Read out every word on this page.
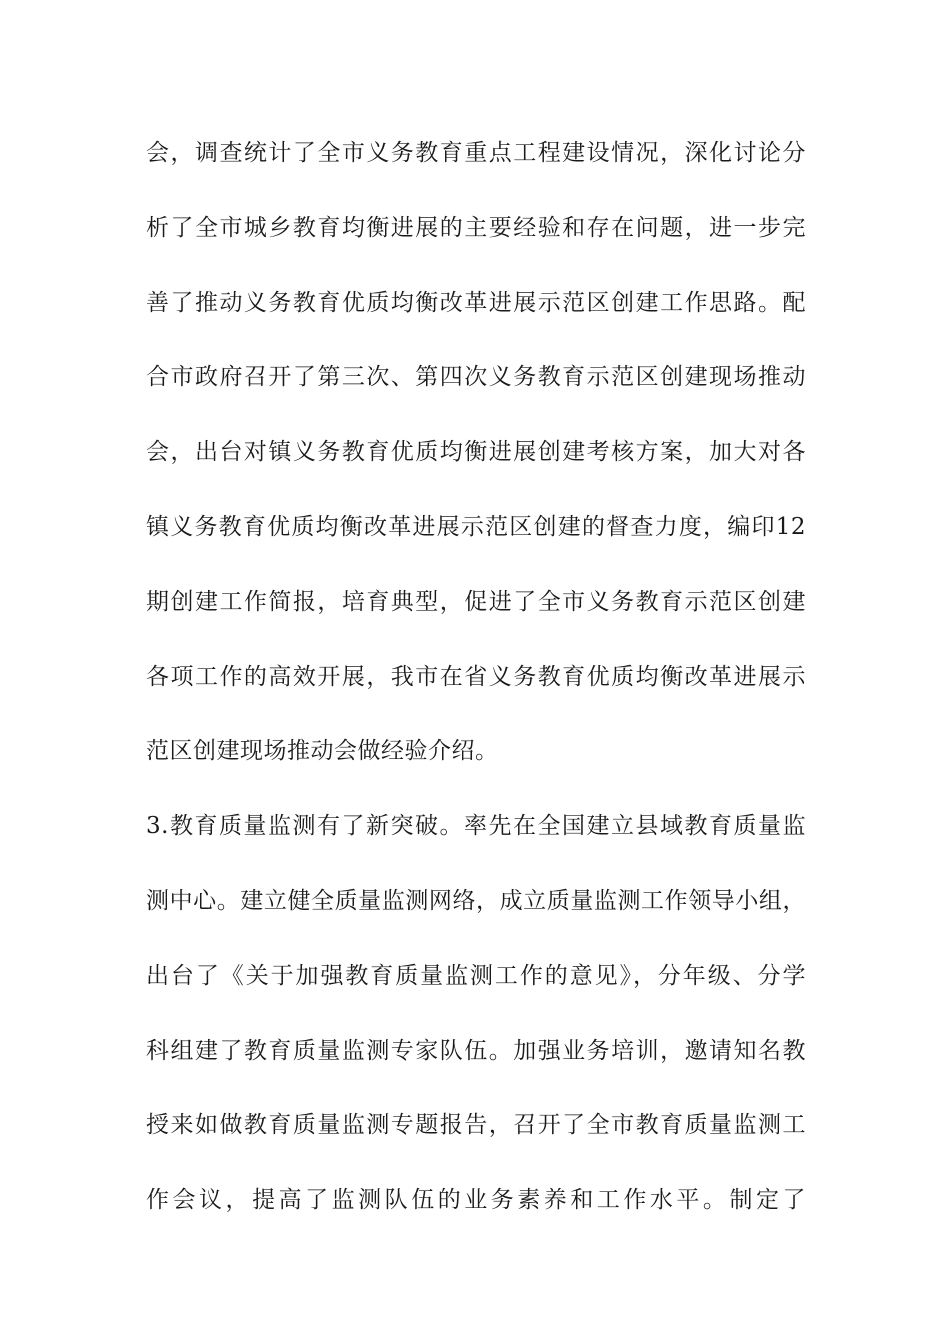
会，调查统计了全市义务教育重点工程建设情况，深化讨论分
析了全市城乡教育均衡进展的主要经验和存在问题，进一步完
善了推动义务教育优质均衡改革进展示范区创建工作思路。配
合市政府召开了第三次、第四次义务教育示范区创建现场推动
会，出台对镇义务教育优质均衡进展创建考核方案，加大对各
镇义务教育优质均衡改革进展示范区创建的督查力度，编印12
期创建工作简报，培育典型，促进了全市义务教育示范区创建
各项工作的高效开展，我市在省义务教育优质均衡改革进展示
范区创建现场推动会做经验介绍。
3.教育质量监测有了新突破。率先在全国建立县域教育质量监
测中心。建立健全质量监测网络，成立质量监测工作领导小组，
出台了《关于加强教育质量监测工作的意见》，分年级、分学
科组建了教育质量监测专家队伍。加强业务培训，邀请知名教
授来如做教育质量监测专题报告，召开了全市教育质量监测工
作会议，提高了监测队伍的业务素养和工作水平。制定了
